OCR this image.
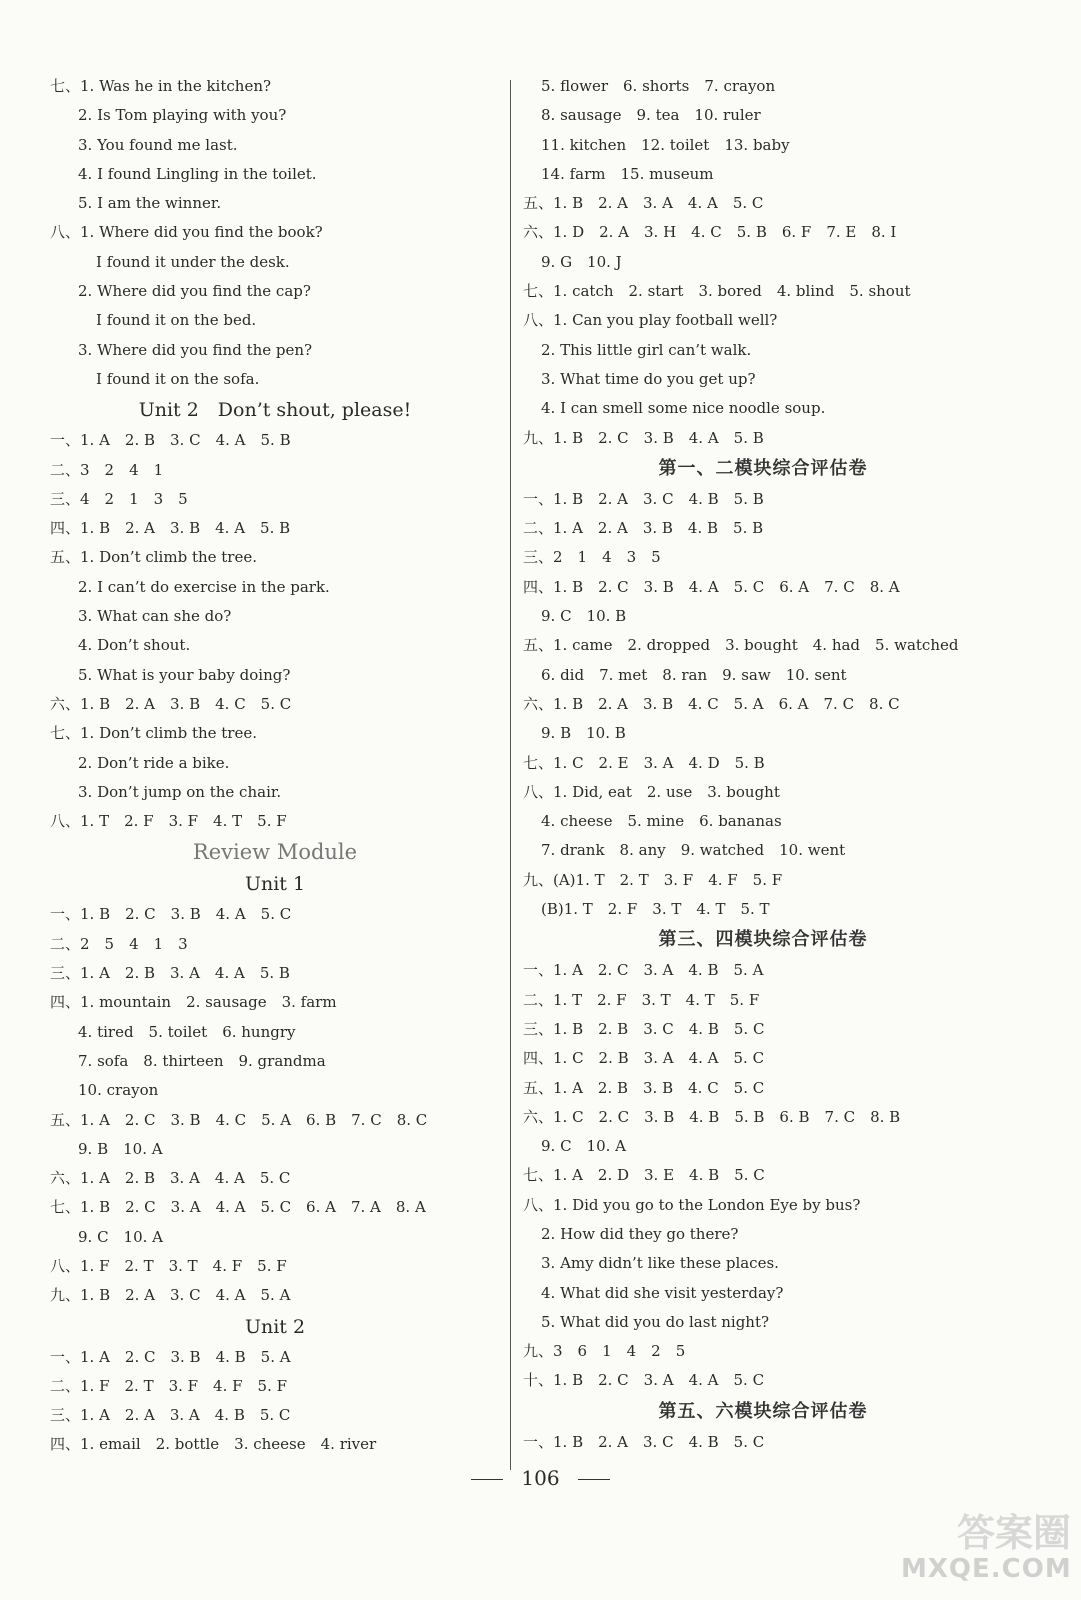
七、1. Was he in the kitchen?
2. Is Tom playing with you?
3. You found me last.
4. I found Lingling in the toilet.
5. I am the winner.
八、1. Where did you find the book?
I found it under the desk.
2. Where did you find the cap?
I found it on the bed.
3. Where did you find the pen?
I found it on the sofa.
Unit 2　Don’t shout, please!
一、1. A　2. B　3. C　4. A　5. B
二、3　2　4　1
三、4　2　1　3　5
四、1. B　2. A　3. B　4. A　5. B
五、1. Don’t climb the tree.
2. I can’t do exercise in the park.
3. What can she do?
4. Don’t shout.
5. What is your baby doing?
六、1. B　2. A　3. B　4. C　5. C
七、1. Don’t climb the tree.
2. Don’t ride a bike.
3. Don’t jump on the chair.
八、1. T　2. F　3. F　4. T　5. F
Review Module
Unit 1
一、1. B　2. C　3. B　4. A　5. C
二、2　5　4　1　3
三、1. A　2. B　3. A　4. A　5. B
四、1. mountain　2. sausage　3. farm
4. tired　5. toilet　6. hungry
7. sofa　8. thirteen　9. grandma
10. crayon
五、1. A　2. C　3. B　4. C　5. A　6. B　7. C　8. C
9. B　10. A
六、1. A　2. B　3. A　4. A　5. C
七、1. B　2. C　3. A　4. A　5. C　6. A　7. A　8. A
9. C　10. A
八、1. F　2. T　3. T　4. F　5. F
九、1. B　2. A　3. C　4. A　5. A
Unit 2
一、1. A　2. C　3. B　4. B　5. A
二、1. F　2. T　3. F　4. F　5. F
三、1. A　2. A　3. A　4. B　5. C
四、1. email　2. bottle　3. cheese　4. river
5. flower　6. shorts　7. crayon
8. sausage　9. tea　10. ruler
11. kitchen　12. toilet　13. baby
14. farm　15. museum
五、1. B　2. A　3. A　4. A　5. C
六、1. D　2. A　3. H　4. C　5. B　6. F　7. E　8. I
9. G　10. J
七、1. catch　2. start　3. bored　4. blind　5. shout
八、1. Can you play football well?
2. This little girl can’t walk.
3. What time do you get up?
4. I can smell some nice noodle soup.
九、1. B　2. C　3. B　4. A　5. B
第一、二模块综合评估卷
一、1. B　2. A　3. C　4. B　5. B
二、1. A　2. A　3. B　4. B　5. B
三、2　1　4　3　5
四、1. B　2. C　3. B　4. A　5. C　6. A　7. C　8. A
9. C　10. B
五、1. came　2. dropped　3. bought　4. had　5. watched
6. did　7. met　8. ran　9. saw　10. sent
六、1. B　2. A　3. B　4. C　5. A　6. A　7. C　8. C
9. B　10. B
七、1. C　2. E　3. A　4. D　5. B
八、1. Did, eat　2. use　3. bought
4. cheese　5. mine　6. bananas
7. drank　8. any　9. watched　10. went
九、(A)1. T　2. T　3. F　4. F　5. F
(B)1. T　2. F　3. T　4. T　5. T
第三、四模块综合评估卷
一、1. A　2. C　3. A　4. B　5. A
二、1. T　2. F　3. T　4. T　5. F
三、1. B　2. B　3. C　4. B　5. C
四、1. C　2. B　3. A　4. A　5. C
五、1. A　2. B　3. B　4. C　5. C
六、1. C　2. C　3. B　4. B　5. B　6. B　7. C　8. B
9. C　10. A
七、1. A　2. D　3. E　4. B　5. C
八、1. Did you go to the London Eye by bus?
2. How did they go there?
3. Amy didn’t like these places.
4. What did she visit yesterday?
5. What did you do last night?
九、3　6　1　4　2　5
十、1. B　2. C　3. A　4. A　5. C
第五、六模块综合评估卷
一、1. B　2. A　3. C　4. B　5. C
106
答案圈
MXQE.COM
